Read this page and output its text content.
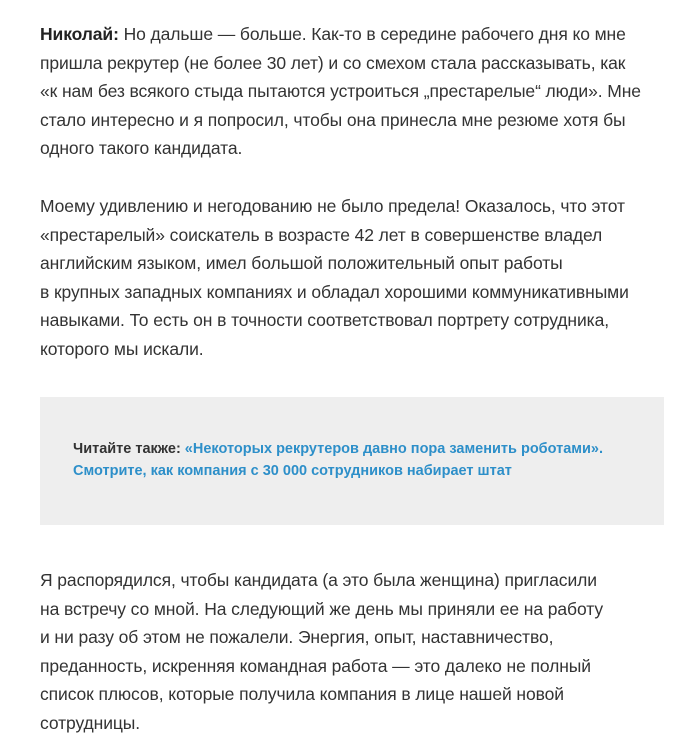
Николай: Но дальше — больше. Как-то в середине рабочего дня ко мне
пришла рекрутер (не более 30 лет) и со смехом стала рассказывать, как
«к нам без всякого стыда пытаются устроиться „престарелые“ люди». Мне
стало интересно и я попросил, чтобы она принесла мне резюме хотя бы
одного такого кандидата.

Моему удивлению и негодованию не было предела! Оказалось, что этот
«престарелый» соискатель в возрасте 42 лет в совершенстве владел
английским языком, имел большой положительный опыт работы
в крупных западных компаниях и обладал хорошими коммуникативными
навыками. То есть он в точности соответствовал портрету сотрудника,
которого мы искали.

Читайте также: «Некоторых рекрутеров давно пора заменить роботами».
Смотрите, как компания с 30 000 сотрудников набирает штат

Я распорядился, чтобы кандидата (а это была женщина) пригласили
на встречу со мной. На следующий же день мы приняли ее на работу
и ни разу об этом не пожалели. Энергия, опыт, наставничество,
преданность, искренняя командная работа — это далеко не полный
список плюсов, которые получила компания в лице нашей новой
сотрудницы.
